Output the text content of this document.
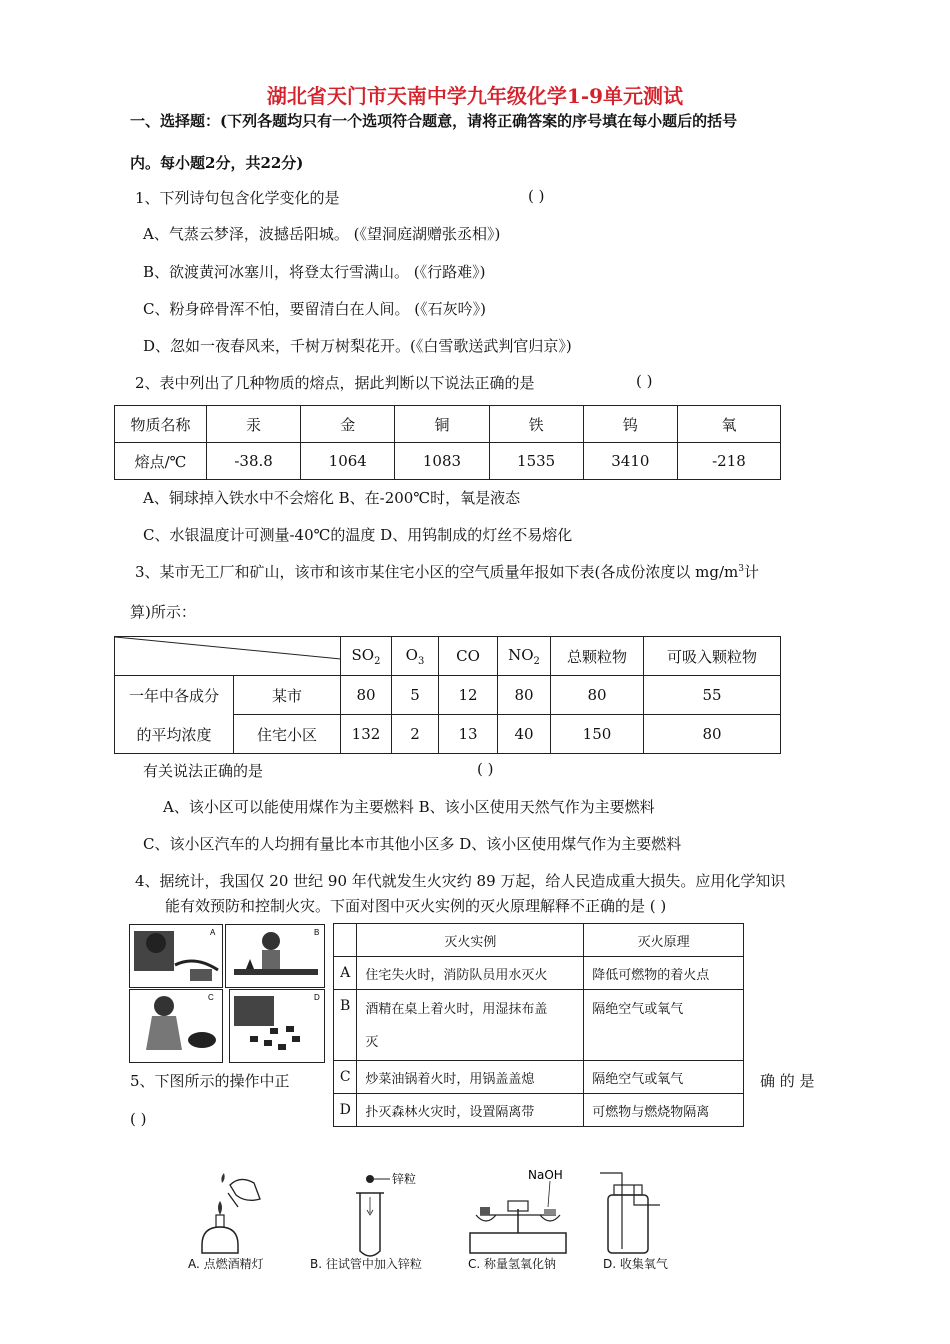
湖北省天门市天南中学九年级化学1-9单元测试
一、选择题：(下列各题均只有一个选项符合题意，请将正确答案的序号填在每小题后的括号
内。每小题2分，共22分)
1、下列诗句包含化学变化的是	( )
A、气蒸云梦泽，波撼岳阳城。 (《望洞庭湖赠张丞相》)
B、欲渡黄河冰塞川，将登太行雪满山。 (《行路难》)
C、粉身碎骨浑不怕，要留清白在人间。 (《石灰吟》)
D、忽如一夜春风来，千树万树梨花开。(《白雪歌送武判官归京》)
2、表中列出了几种物质的熔点，据此判断以下说法正确的是	( )
物质名称	汞	金	铜	铁	钨	氧
熔点/℃	-38.8	1064	1083	1535	3410	-218
A、铜球掉入铁水中不会熔化 B、在-200℃时，氧是液态
C、水银温度计可测量-40℃的温度 D、用钨制成的灯丝不易熔化
3、某市无工厂和矿山，该市和该市某住宅小区的空气质量年报如下表(各成份浓度以 $mg/m^3$计
算)所示：
	$SO_2$	$O_3$	CO	$NO_2$	总颗粒物	可吸入颗粒物

一年中各成分
的平均浓度	某市	80	5	12	80	80	55
	住宅小区	132	2	13	40	150	80
有关说法正确的是	( )
A、该小区可以能使用煤作为主要燃料 B、该小区使用天然气作为主要燃料
C、该小区汽车的人均拥有量比本市其他小区多 D、该小区使用煤气作为主要燃料
4、据统计，我国仅 20 世纪 90 年代就发生火灾约 89 万起，给人民造成重大损失。应用化学知识
能有效预防和控制火灾。下面对图中灭火实例的灭火原理解释不正确的是 ( )
A	B
C	D
	灭火实例	灭火原理
A	住宅失火时，消防队员用水灭火	降低可燃物的着火点
B	酒精在桌上着火时，用湿抹布盖
灭	隔绝空气或氧气
C	炒菜油锅着火时，用锅盖盖熄	隔绝空气或氧气
D	扑灭森林火灾时，设置隔离带	可燃物与燃烧物隔离
5、下图所示的操作中正	确 的 是
( )
锌粒	NaOH
A. 点燃酒精灯	B. 往试管中加入锌粒	C. 称量氢氧化钠	D. 收集氧气
